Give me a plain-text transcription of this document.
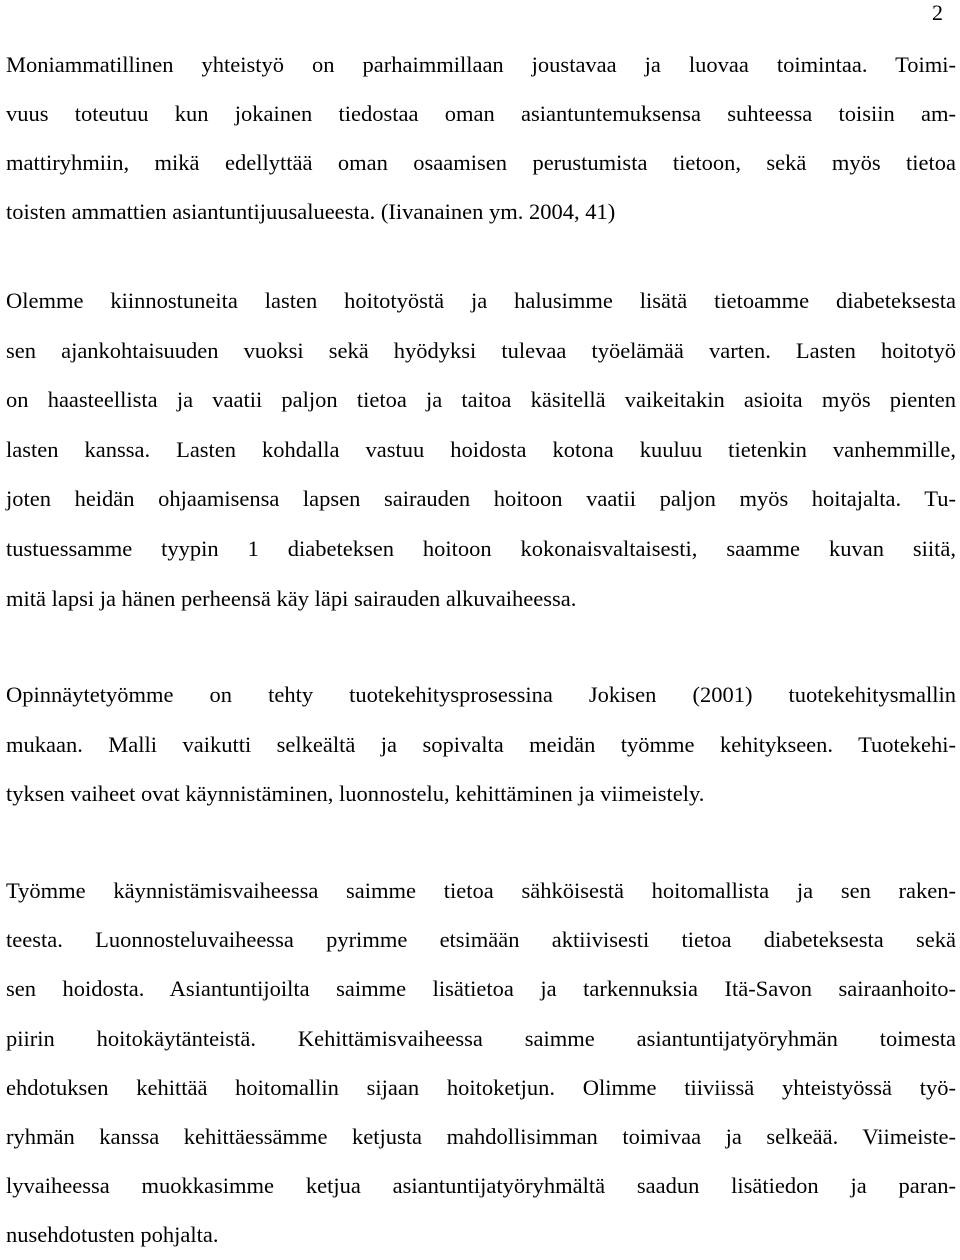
2
Moniammatillinen yhteistyö on parhaimmillaan joustavaa ja luovaa toimintaa. Toimi-
vuus toteutuu kun jokainen tiedostaa oman asiantuntemuksensa suhteessa toisiin am-
mattiryhmiin, mikä edellyttää oman osaamisen perustumista tietoon, sekä myös tietoa
toisten ammattien asiantuntijuusalueesta. (Iivanainen ym. 2004, 41)
Olemme kiinnostuneita lasten hoitotyöstä ja halusimme lisätä tietoamme diabeteksesta
sen ajankohtaisuuden vuoksi sekä hyödyksi tulevaa työelämää varten. Lasten hoitotyö
on haasteellista ja vaatii paljon tietoa ja taitoa käsitellä vaikeitakin asioita myös pienten
lasten kanssa. Lasten kohdalla vastuu hoidosta kotona kuuluu tietenkin vanhemmille,
joten heidän ohjaamisensa lapsen sairauden hoitoon vaatii paljon myös hoitajalta. Tu-
tustuessamme tyypin 1 diabeteksen hoitoon kokonaisvaltaisesti, saamme kuvan siitä,
mitä lapsi ja hänen perheensä käy läpi sairauden alkuvaiheessa.
Opinnäytetyömme on tehty tuotekehitysprosessina Jokisen (2001) tuotekehitysmallin
mukaan. Malli vaikutti selkeältä ja sopivalta meidän työmme kehitykseen. Tuotekehi-
tyksen vaiheet ovat käynnistäminen, luonnostelu, kehittäminen ja viimeistely.
Työmme käynnistämisvaiheessa saimme tietoa sähköisestä hoitomallista ja sen raken-
teesta. Luonnosteluvaiheessa pyrimme etsimään aktiivisesti tietoa diabeteksesta sekä
sen hoidosta. Asiantuntijoilta saimme lisätietoa ja tarkennuksia Itä-Savon sairaanhoito-
piirin hoitokäytänteistä. Kehittämisvaiheessa saimme asiantuntijatyöryhmän toimesta
ehdotuksen kehittää hoitomallin sijaan hoitoketjun. Olimme tiiviissä yhteistyössä työ-
ryhmän kanssa kehittäessämme ketjusta mahdollisimman toimivaa ja selkeää. Viimeiste-
lyvaiheessa muokkasimme ketjua asiantuntijatyöryhmältä saadun lisätiedon ja paran-
nusehdotusten pohjalta.
